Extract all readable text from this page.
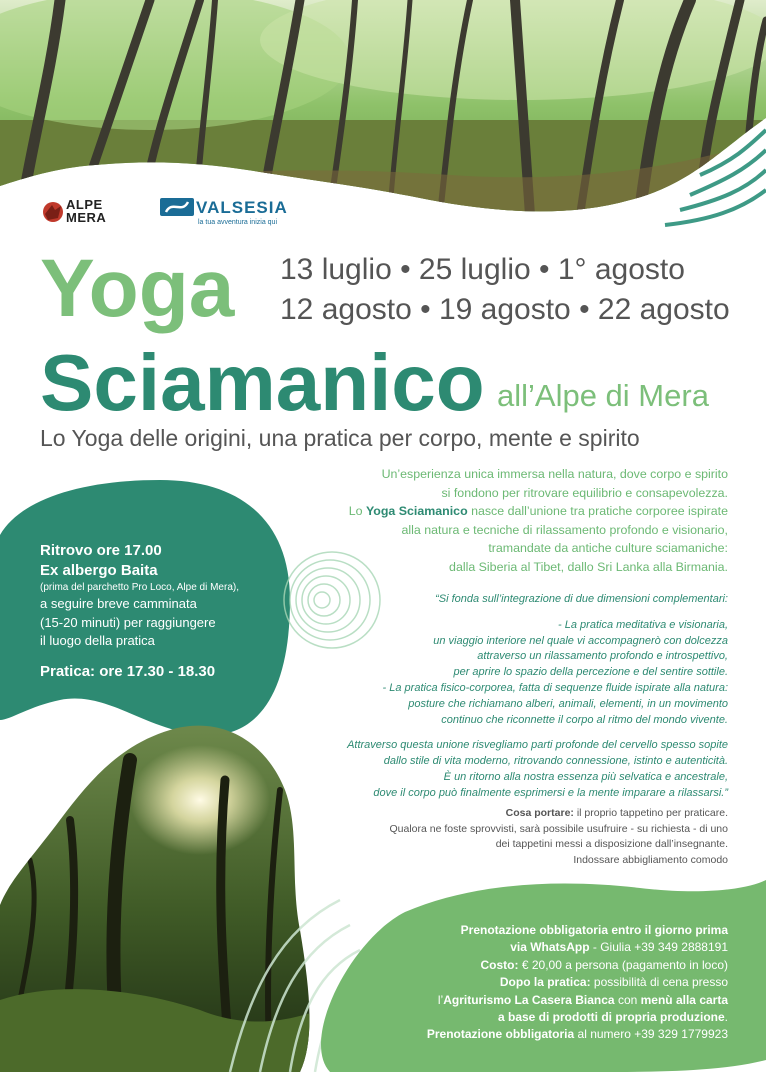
ALPE
MERA
VALSESIA
la tua avventura inizia qui
Yoga
Sciamanico all’Alpe di Mera
13 luglio • 25 luglio • 1° agosto
12 agosto • 19 agosto • 22 agosto
Lo Yoga delle origini, una pratica per corpo, mente e spirito
Un’esperienza unica immersa nella natura, dove corpo e spirito
si fondono per ritrovare equilibrio e consapevolezza.
Lo Yoga Sciamanico nasce dall’unione tra pratiche corporee ispirate
alla natura e tecniche di rilassamento profondo e visionario,
tramandate da antiche culture sciamaniche:
dalla Siberia al Tibet, dallo Sri Lanka alla Birmania.
“Si fonda sull’integrazione di due dimensioni complementari:
- La pratica meditativa e visionaria,
un viaggio interiore nel quale vi accompagnerò con dolcezza
attraverso un rilassamento profondo e introspettivo,
per aprire lo spazio della percezione e del sentire sottile.
- La pratica fisico-corporea, fatta di sequenze fluide ispirate alla natura:
posture che richiamano alberi, animali, elementi, in un movimento
continuo che riconnette il corpo al ritmo del mondo vivente.
Attraverso questa unione risvegliamo parti profonde del cervello spesso sopite
dallo stile di vita moderno, ritrovando connessione, istinto e autenticità.
È un ritorno alla nostra essenza più selvatica e ancestrale,
dove il corpo può finalmente esprimersi e la mente imparare a rilassarsi.”
Ritrovo ore 17.00
Ex albergo Baita
(prima del parchetto Pro Loco, Alpe di Mera),
a seguire breve camminata
(15-20 minuti) per raggiungere
il luogo della pratica
Pratica: ore 17.30 - 18.30
Cosa portare: il proprio tappetino per praticare.
Qualora ne foste sprovvisti, sarà possibile usufruire - su richiesta - di uno
dei tappetini messi a disposizione dall’insegnante.
Indossare abbigliamento comodo
Prenotazione obbligatoria entro il giorno prima
via WhatsApp - Giulia +39 349 2888191
Costo: € 20,00 a persona (pagamento in loco)
Dopo la pratica: possibilità di cena presso
l’Agriturismo La Casera Bianca con menù alla carta
a base di prodotti di propria produzione.
Prenotazione obbligatoria al numero +39 329 1779923
